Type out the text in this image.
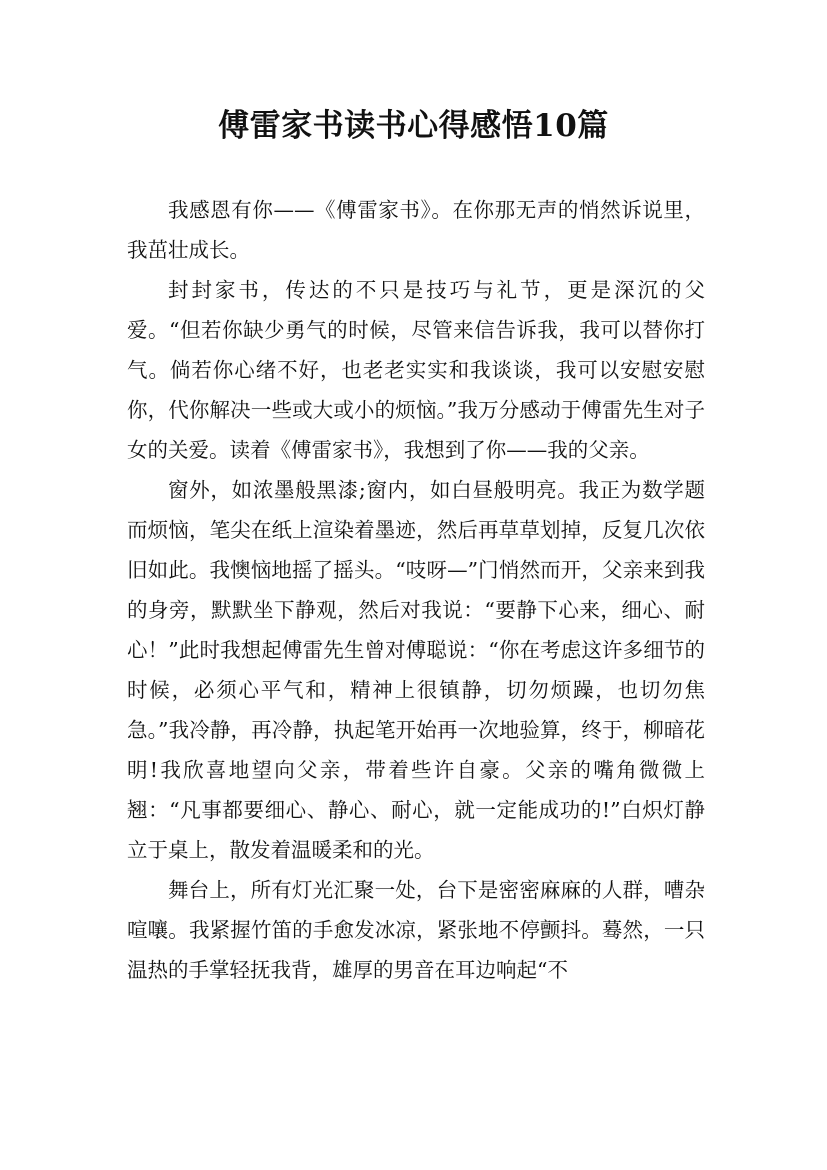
傅雷家书读书心得感悟10篇

我感恩有你——《傅雷家书》。在你那无声的悄然诉说里，我茁壮成长。

封封家书，传达的不只是技巧与礼节，更是深沉的父爱。“但若你缺少勇气的时候，尽管来信告诉我，我可以替你打气。倘若你心绪不好，也老老实实和我谈谈，我可以安慰安慰你，代你解决一些或大或小的烦恼。”我万分感动于傅雷先生对子女的关爱。读着《傅雷家书》，我想到了你——我的父亲。

窗外，如浓墨般黑漆;窗内，如白昼般明亮。我正为数学题而烦恼，笔尖在纸上渲染着墨迹，然后再草草划掉，反复几次依旧如此。我懊恼地摇了摇头。“吱呀—”门悄然而开，父亲来到我的身旁，默默坐下静观，然后对我说：“要静下心来，细心、耐心！”此时我想起傅雷先生曾对傅聪说：“你在考虑这许多细节的时候，必须心平气和，精神上很镇静，切勿烦躁，也切勿焦急。”我冷静，再冷静，执起笔开始再一次地验算，终于，柳暗花明!我欣喜地望向父亲，带着些许自豪。父亲的嘴角微微上翘：“凡事都要细心、静心、耐心，就一定能成功的!”白炽灯静立于桌上，散发着温暖柔和的光。

舞台上，所有灯光汇聚一处，台下是密密麻麻的人群，嘈杂喧嚷。我紧握竹笛的手愈发冰凉，紧张地不停颤抖。蓦然，一只温热的手掌轻抚我背，雄厚的男音在耳边响起“不
